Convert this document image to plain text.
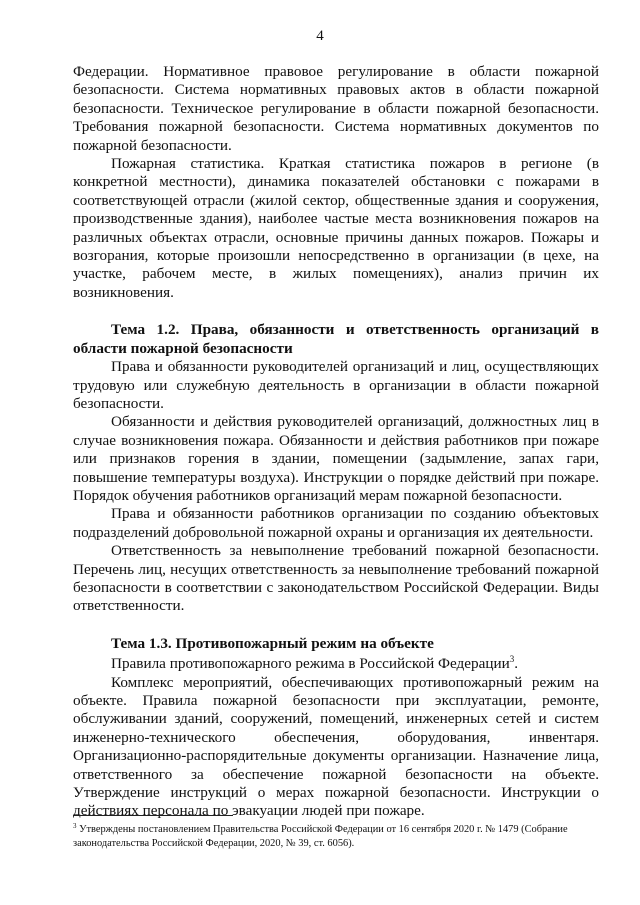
4

Федерации. Нормативное правовое регулирование в области пожарной безопасности. Система нормативных правовых актов в области пожарной безопасности. Техническое регулирование в области пожарной безопасности. Требования пожарной безопасности. Система нормативных документов по пожарной безопасности.

Пожарная статистика. Краткая статистика пожаров в регионе (в конкретной местности), динамика показателей обстановки с пожарами в соответствующей отрасли (жилой сектор, общественные здания и сооружения, производственные здания), наиболее частые места возникновения пожаров на различных объектах отрасли, основные причины данных пожаров. Пожары и возгорания, которые произошли непосредственно в организации (в цехе, на участке, рабочем месте, в жилых помещениях), анализ причин их возникновения.

Тема 1.2. Права, обязанности и ответственность организаций в области пожарной безопасности

Права и обязанности руководителей организаций и лиц, осуществляющих трудовую или служебную деятельность в организации в области пожарной безопасности.

Обязанности и действия руководителей организаций, должностных лиц в случае возникновения пожара. Обязанности и действия работников при пожаре или признаков горения в здании, помещении (задымление, запах гари, повышение температуры воздуха). Инструкции о порядке действий при пожаре. Порядок обучения работников организаций мерам пожарной безопасности.

Права и обязанности работников организации по созданию объектовых подразделений добровольной пожарной охраны и организация их деятельности.

Ответственность за невыполнение требований пожарной безопасности. Перечень лиц, несущих ответственность за невыполнение требований пожарной безопасности в соответствии с законодательством Российской Федерации. Виды ответственности.

Тема 1.3. Противопожарный режим на объекте

Правила противопожарного режима в Российской Федерации$^3$.

Комплекс мероприятий, обеспечивающих противопожарный режим на объекте. Правила пожарной безопасности при эксплуатации, ремонте, обслуживании зданий, сооружений, помещений, инженерных сетей и систем инженерно-технического обеспечения, оборудования, инвентаря. Организационно-распорядительные документы организации. Назначение лица, ответственного за обеспечение пожарной безопасности на объекте. Утверждение инструкций о мерах пожарной безопасности. Инструкции о действиях персонала по эвакуации людей при пожаре.

$^3$ Утверждены постановлением Правительства Российской Федерации от 16 сентября 2020 г. № 1479 (Собрание законодательства Российской Федерации, 2020, № 39, ст. 6056).
